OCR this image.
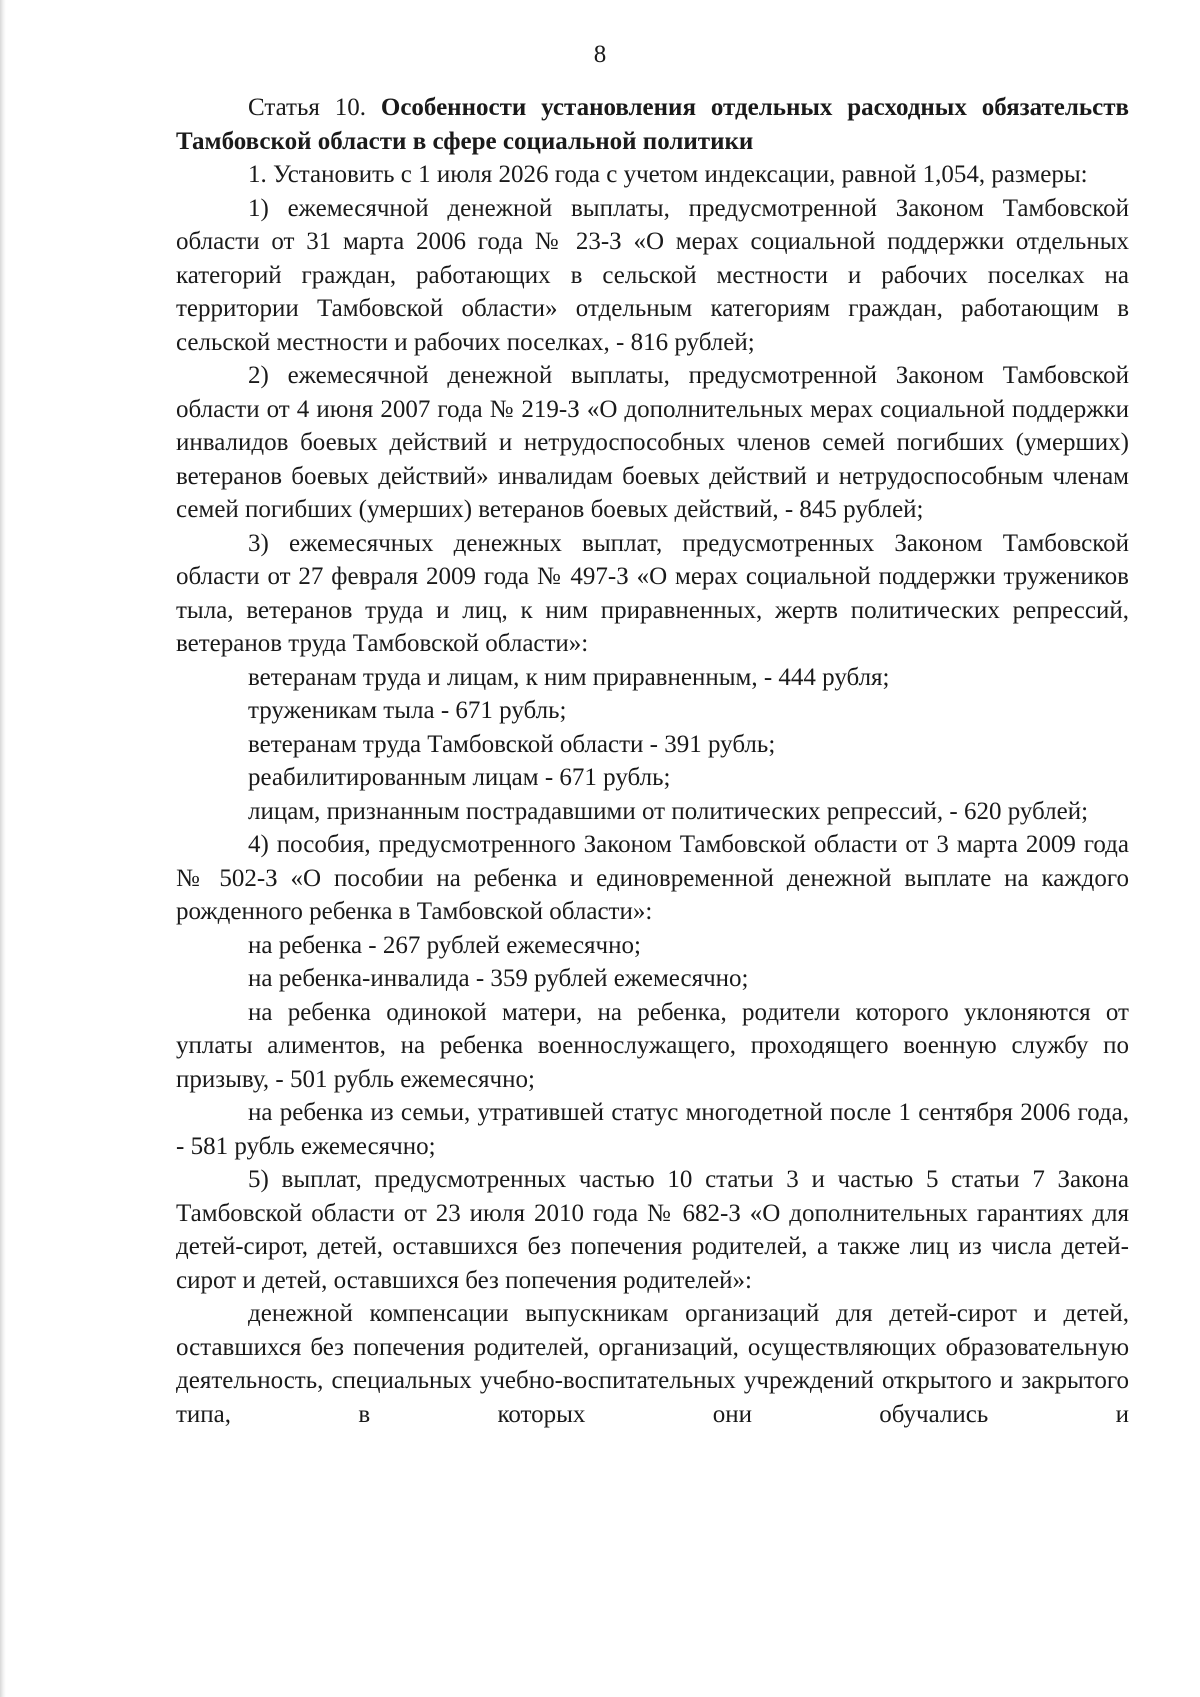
8

Статья 10. Особенности установления отдельных расходных обязательств Тамбовской области в сфере социальной политики

1. Установить с 1 июля 2026 года с учетом индексации, равной 1,054, размеры:

1) ежемесячной денежной выплаты, предусмотренной Законом Тамбовской области от 31 марта 2006 года № 23-З «О мерах социальной поддержки отдельных категорий граждан, работающих в сельской местности и рабочих поселках на территории Тамбовской области» отдельным категориям граждан, работающим в сельской местности и рабочих поселках, - 816 рублей;

2) ежемесячной денежной выплаты, предусмотренной Законом Тамбовской области от 4 июня 2007 года № 219-З «О дополнительных мерах социальной поддержки инвалидов боевых действий и нетрудоспособных членов семей погибших (умерших) ветеранов боевых действий» инвалидам боевых действий и нетрудоспособным членам семей погибших (умерших) ветеранов боевых действий, - 845 рублей;

3) ежемесячных денежных выплат, предусмотренных Законом Тамбовской области от 27 февраля 2009 года № 497-З «О мерах социальной поддержки тружеников тыла, ветеранов труда и лиц, к ним приравненных, жертв политических репрессий, ветеранов труда Тамбовской области»:

ветеранам труда и лицам, к ним приравненным, - 444 рубля;

труженикам тыла - 671 рубль;

ветеранам труда Тамбовской области - 391 рубль;

реабилитированным лицам - 671 рубль;

лицам, признанным пострадавшими от политических репрессий, - 620 рублей;

4) пособия, предусмотренного Законом Тамбовской области от 3 марта 2009 года № 502-З «О пособии на ребенка и единовременной денежной выплате на каждого рожденного ребенка в Тамбовской области»:

на ребенка - 267 рублей ежемесячно;

на ребенка-инвалида - 359 рублей ежемесячно;

на ребенка одинокой матери, на ребенка, родители которого уклоняются от уплаты алиментов, на ребенка военнослужащего, проходящего военную службу по призыву, - 501 рубль ежемесячно;

на ребенка из семьи, утратившей статус многодетной после 1 сентября 2006 года, - 581 рубль ежемесячно;

5) выплат, предусмотренных частью 10 статьи 3 и частью 5 статьи 7 Закона Тамбовской области от 23 июля 2010 года № 682-З «О дополнительных гарантиях для детей-сирот, детей, оставшихся без попечения родителей, а также лиц из числа детей-сирот и детей, оставшихся без попечения родителей»:

денежной компенсации выпускникам организаций для детей-сирот и детей, оставшихся без попечения родителей, организаций, осуществляющих образовательную деятельность, специальных учебно-воспитательных учреждений открытого и закрытого типа, в которых они обучались и
